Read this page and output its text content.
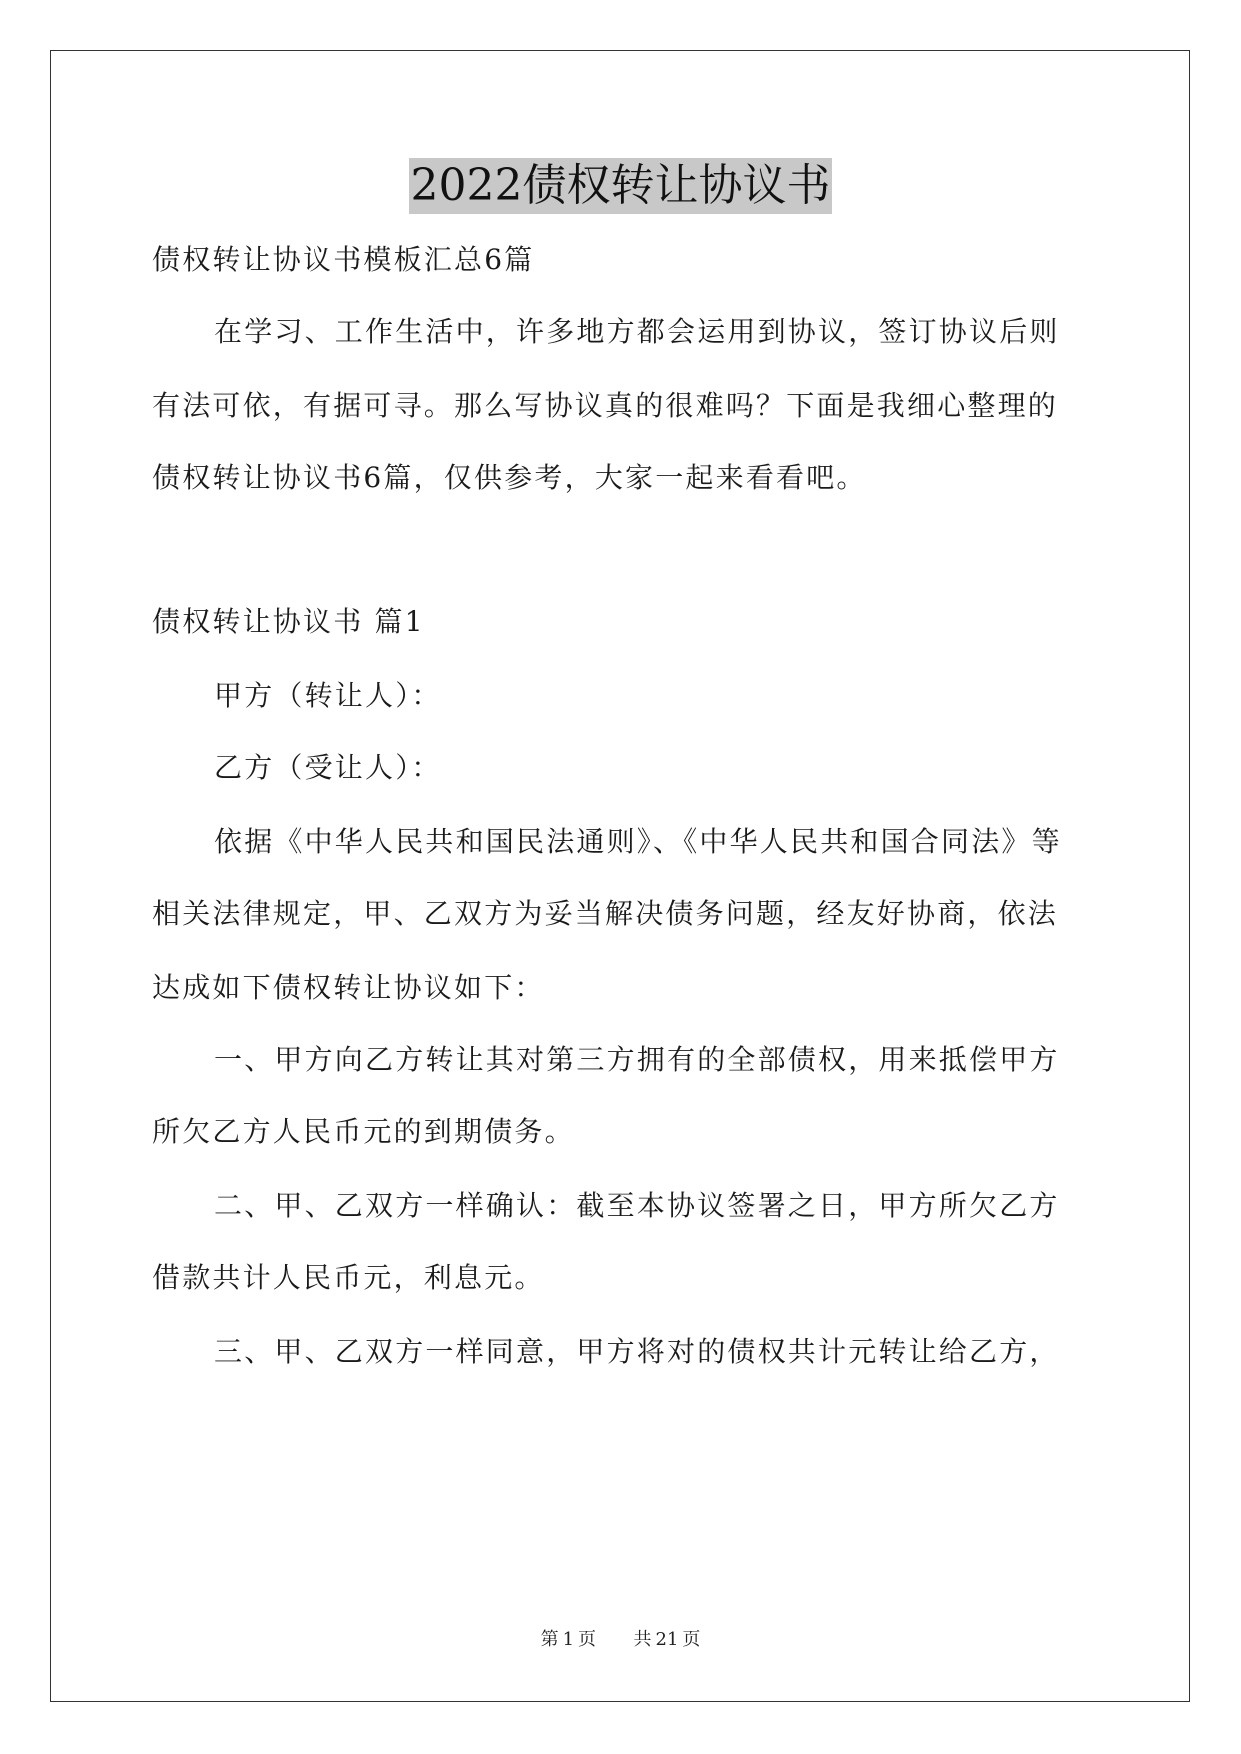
2022债权转让协议书
债权转让协议书模板汇总6篇
在学习、工作生活中，许多地方都会运用到协议，签订协议后则
有法可依，有据可寻。那么写协议真的很难吗？下面是我细心整理的
债权转让协议书6篇，仅供参考，大家一起来看看吧。
债权转让协议书 篇1
甲方（转让人）：
乙方（受让人）：
依据《中华人民共和国民法通则》、《中华人民共和国合同法》等
相关法律规定，甲、乙双方为妥当解决债务问题，经友好协商，依法
达成如下债权转让协议如下：
一、甲方向乙方转让其对第三方拥有的全部债权，用来抵偿甲方
所欠乙方人民币元的到期债务。
二、甲、乙双方一样确认：截至本协议签署之日，甲方所欠乙方
借款共计人民币元，利息元。
三、甲、乙双方一样同意，甲方将对的债权共计元转让给乙方，
第 1 页 共 21 页
